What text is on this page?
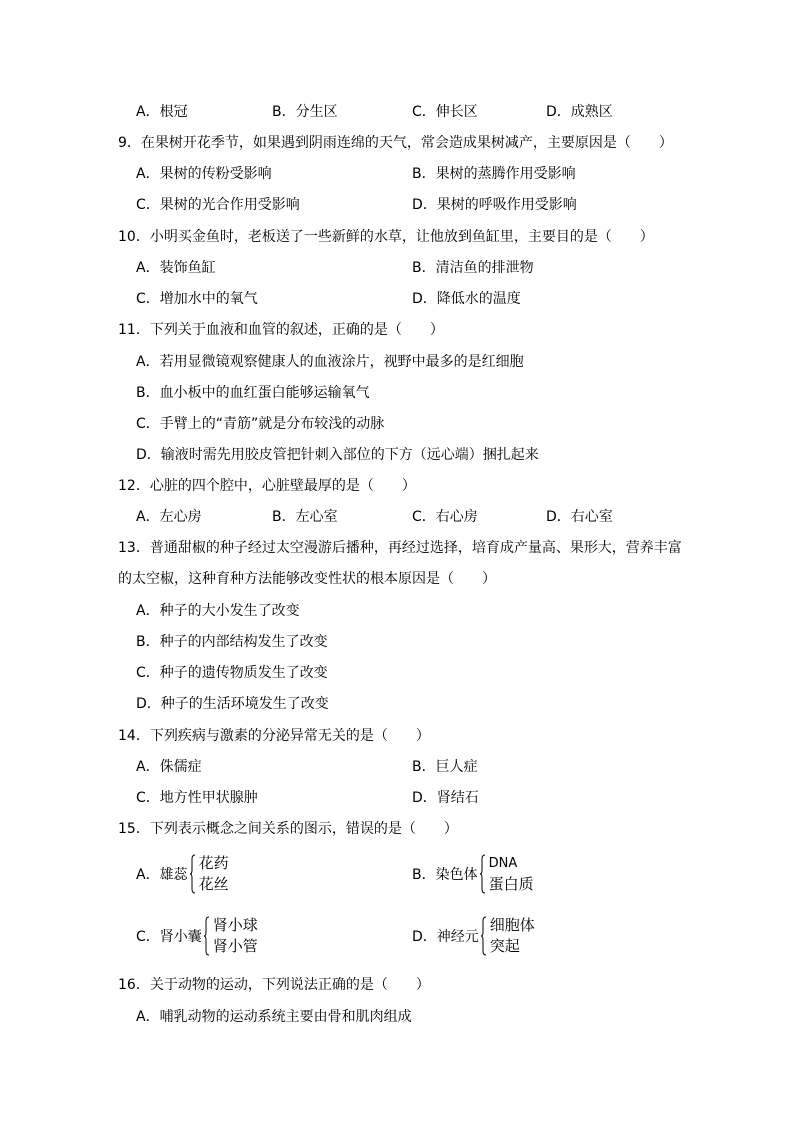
A．根冠	B．分生区	C．伸长区	D．成熟区
9．在果树开花季节，如果遇到阴雨连绵的天气，常会造成果树减产，主要原因是（　　）
A．果树的传粉受影响	B．果树的蒸腾作用受影响
C．果树的光合作用受影响	D．果树的呼吸作用受影响
10．小明买金鱼时，老板送了一些新鲜的水草，让他放到鱼缸里，主要目的是（　　）
A．装饰鱼缸	B．清洁鱼的排泄物
C．增加水中的氧气	D．降低水的温度
11．下列关于血液和血管的叙述，正确的是（　　）
A．若用显微镜观察健康人的血液涂片，视野中最多的是红细胞
B．血小板中的血红蛋白能够运输氧气
C．手臂上的“青筋”就是分布较浅的动脉
D．输液时需先用胶皮管把针刺入部位的下方（远心端）捆扎起来
12．心脏的四个腔中，心脏壁最厚的是（　　）
A．左心房	B．左心室	C．右心房	D．右心室
13．普通甜椒的种子经过太空漫游后播种，再经过选择，培育成产量高、果形大，营养丰富
的太空椒，这种育种方法能够改变性状的根本原因是（　　）
A．种子的大小发生了改变
B．种子的内部结构发生了改变
C．种子的遗传物质发生了改变
D．种子的生活环境发生了改变
14．下列疾病与激素的分泌异常无关的是（　　）
A．侏儒症	B．巨人症
C．地方性甲状腺肿	D．肾结石
15．下列表示概念之间关系的图示，错误的是（　　）
A．雄蕊
花药
花丝	B．染色体
DNA
蛋白质
C．肾小囊
肾小球
肾小管	D．神经元
细胞体
突起
16．关于动物的运动，下列说法正确的是（　　）
A．哺乳动物的运动系统主要由骨和肌肉组成
